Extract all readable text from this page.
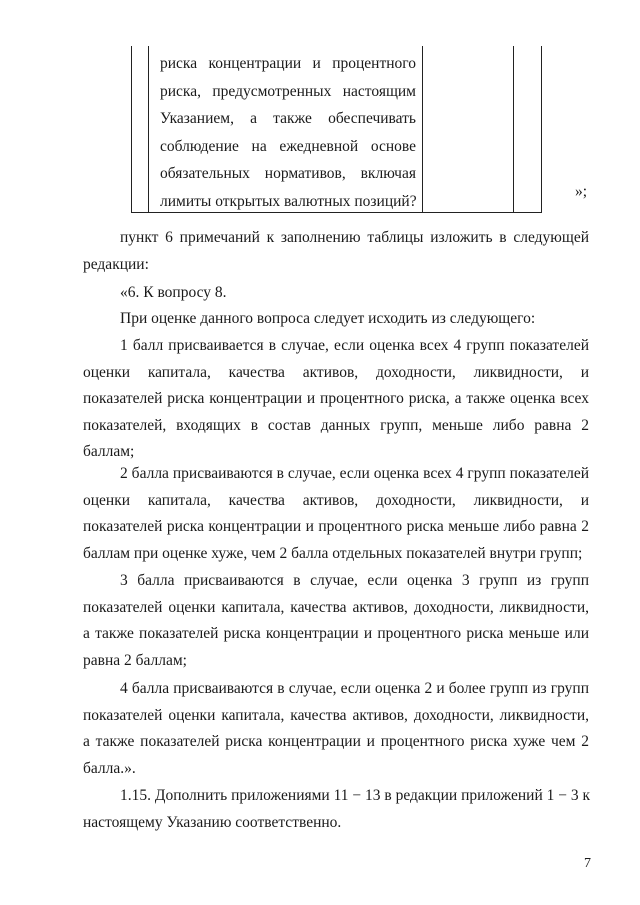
риска концентрации и процентного
риска, предусмотренных настоящим
Указанием, а также обеспечивать
соблюдение на ежедневной основе
обязательных нормативов, включая
лимиты открытых валютных позиций?
»;
пункт 6 примечаний к заполнению таблицы изложить в следующей
редакции:
«6. К вопросу 8.
При оценке данного вопроса следует исходить из следующего:
1 балл присваивается в случае, если оценка всех 4 групп показателей
оценки капитала, качества активов, доходности, ликвидности, и
показателей риска концентрации и процентного риска, а также оценка всех
показателей, входящих в состав данных групп, меньше либо равна 2
баллам;
2 балла присваиваются в случае, если оценка всех 4 групп показателей
оценки капитала, качества активов, доходности, ликвидности, и
показателей риска концентрации и процентного риска меньше либо равна 2
баллам при оценке хуже, чем 2 балла отдельных показателей внутри групп;
3 балла присваиваются в случае, если оценка 3 групп из групп
показателей оценки капитала, качества активов, доходности, ликвидности,
а также показателей риска концентрации и процентного риска меньше или
равна 2 баллам;
4 балла присваиваются в случае, если оценка 2 и более групп из групп
показателей оценки капитала, качества активов, доходности, ликвидности,
а также показателей риска концентрации и процентного риска хуже чем 2
балла.».
1.15. Дополнить приложениями 11 − 13 в редакции приложений 1 − 3 к
настоящему Указанию соответственно.
7
